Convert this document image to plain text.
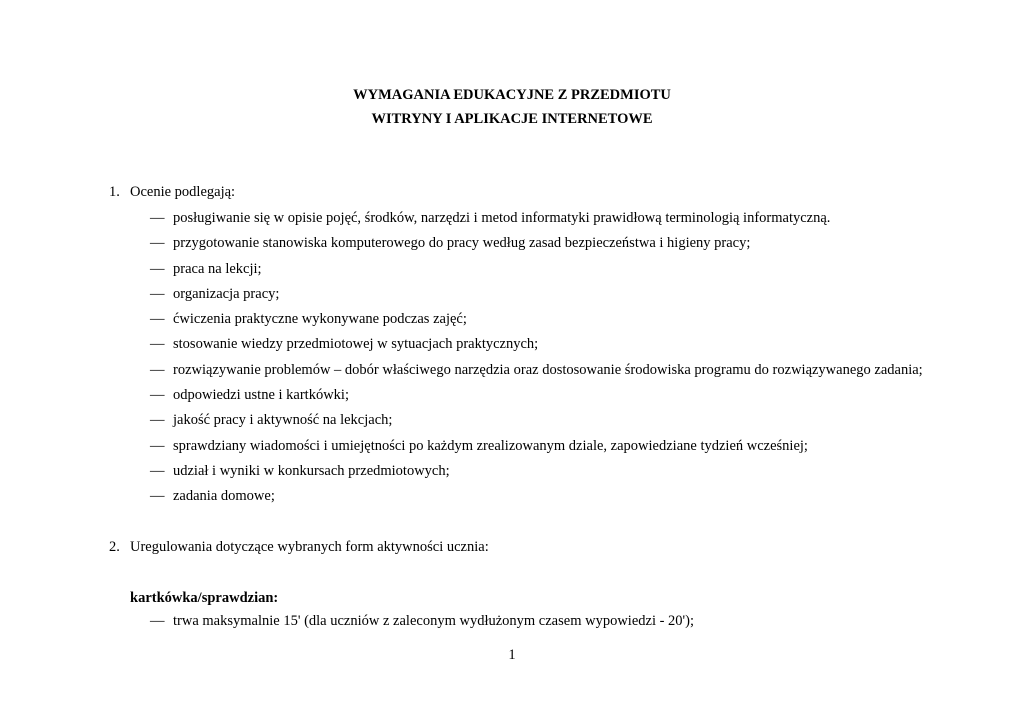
WYMAGANIA EDUKACYJNE Z PRZEDMIOTU
WITRYNY I APLIKACJE INTERNETOWE
1. Ocenie podlegają:
— posługiwanie się w opisie pojęć, środków, narzędzi i metod informatyki prawidłową terminologią informatyczną.
— przygotowanie stanowiska komputerowego do pracy według zasad bezpieczeństwa i higieny pracy;
— praca na lekcji;
— organizacja pracy;
— ćwiczenia praktyczne wykonywane podczas zajęć;
— stosowanie wiedzy przedmiotowej w sytuacjach praktycznych;
— rozwiązywanie problemów – dobór właściwego narzędzia oraz dostosowanie środowiska programu do rozwiązywanego zadania;
— odpowiedzi ustne i kartkówki;
— jakość pracy i aktywność na lekcjach;
— sprawdziany wiadomości i umiejętności po każdym zrealizowanym dziale, zapowiedziane tydzień wcześniej;
— udział i wyniki w konkursach przedmiotowych;
— zadania domowe;
2. Uregulowania dotyczące wybranych form aktywności ucznia:
kartkówka/sprawdzian:
— trwa maksymalnie 15' (dla uczniów z zaleconym wydłużonym czasem wypowiedzi - 20');
1
